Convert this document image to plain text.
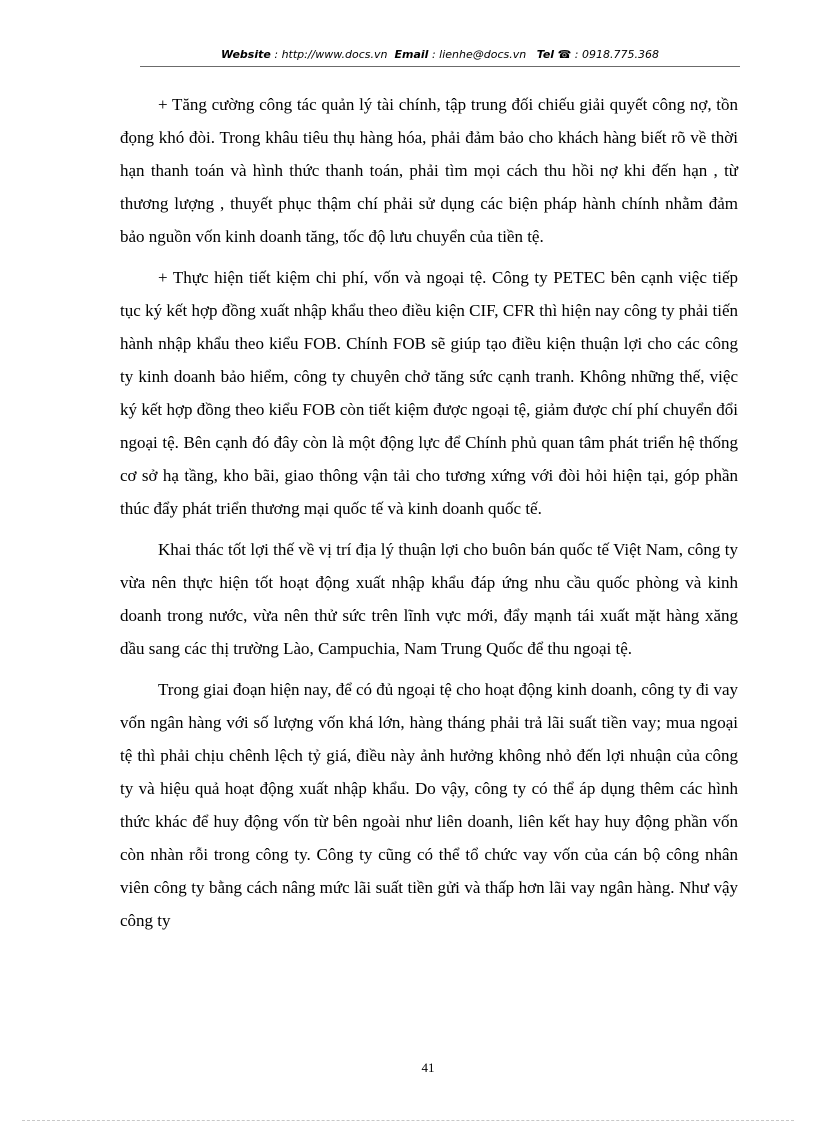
Website : http://www.docs.vn Email : lienhe@docs.vn Tel ☎ : 0918.775.368

+ Tăng cường công tác quản lý tài chính, tập trung đối chiếu giải quyết công nợ, tồn đọng khó đòi. Trong khâu tiêu thụ hàng hóa, phải đảm bảo cho khách hàng biết rõ về thời hạn thanh toán và hình thức thanh toán, phải tìm mọi cách thu hồi nợ khi đến hạn , từ thương lượng , thuyết phục thậm chí phải sử dụng các biện pháp hành chính nhằm đảm bảo nguồn vốn kinh doanh tăng, tốc độ lưu chuyển của tiền tệ.

+ Thực hiện tiết kiệm chi phí, vốn và ngoại tệ. Công ty PETEC bên cạnh việc tiếp tục ký kết hợp đồng xuất nhập khẩu theo điều kiện CIF, CFR thì hiện nay công ty phải tiến hành nhập khẩu theo kiểu FOB. Chính FOB sẽ giúp tạo điều kiện thuận lợi cho các công ty kinh doanh bảo hiểm, công ty chuyên chở tăng sức cạnh tranh. Không những thế, việc ký kết hợp đồng theo kiểu FOB còn tiết kiệm được ngoại tệ, giảm được chí phí chuyển đổi ngoại tệ. Bên cạnh đó đây còn là một động lực để Chính phủ quan tâm phát triển hệ thống cơ sở hạ tầng, kho bãi, giao thông vận tải cho tương xứng với đòi hỏi hiện tại, góp phần thúc đẩy phát triển thương mại quốc tế và kinh doanh quốc tế.

Khai thác tốt lợi thế về vị trí địa lý thuận lợi cho buôn bán quốc tế Việt Nam, công ty vừa nên thực hiện tốt hoạt động xuất nhập khẩu đáp ứng nhu cầu quốc phòng và kinh doanh trong nước, vừa nên thử sức trên lĩnh vực mới, đẩy mạnh tái xuất mặt hàng xăng dầu sang các thị trường Lào, Campuchia, Nam Trung Quốc để thu ngoại tệ.

Trong giai đoạn hiện nay, để có đủ ngoại tệ cho hoạt động kinh doanh, công ty đi vay vốn ngân hàng với số lượng vốn khá lớn, hàng tháng phải trả lãi suất tiền vay; mua ngoại tệ thì phải chịu chênh lệch tỷ giá, điều này ảnh hưởng không nhỏ đến lợi nhuận của công ty và hiệu quả hoạt động xuất nhập khẩu. Do vậy, công ty có thể áp dụng thêm các hình thức khác để huy động vốn từ bên ngoài như liên doanh, liên kết hay huy động phần vốn còn nhàn rỗi trong công ty. Công ty cũng có thể tổ chức vay vốn của cán bộ công nhân viên công ty bằng cách nâng mức lãi suất tiền gửi và thấp hơn lãi vay ngân hàng. Như vậy công ty

41
